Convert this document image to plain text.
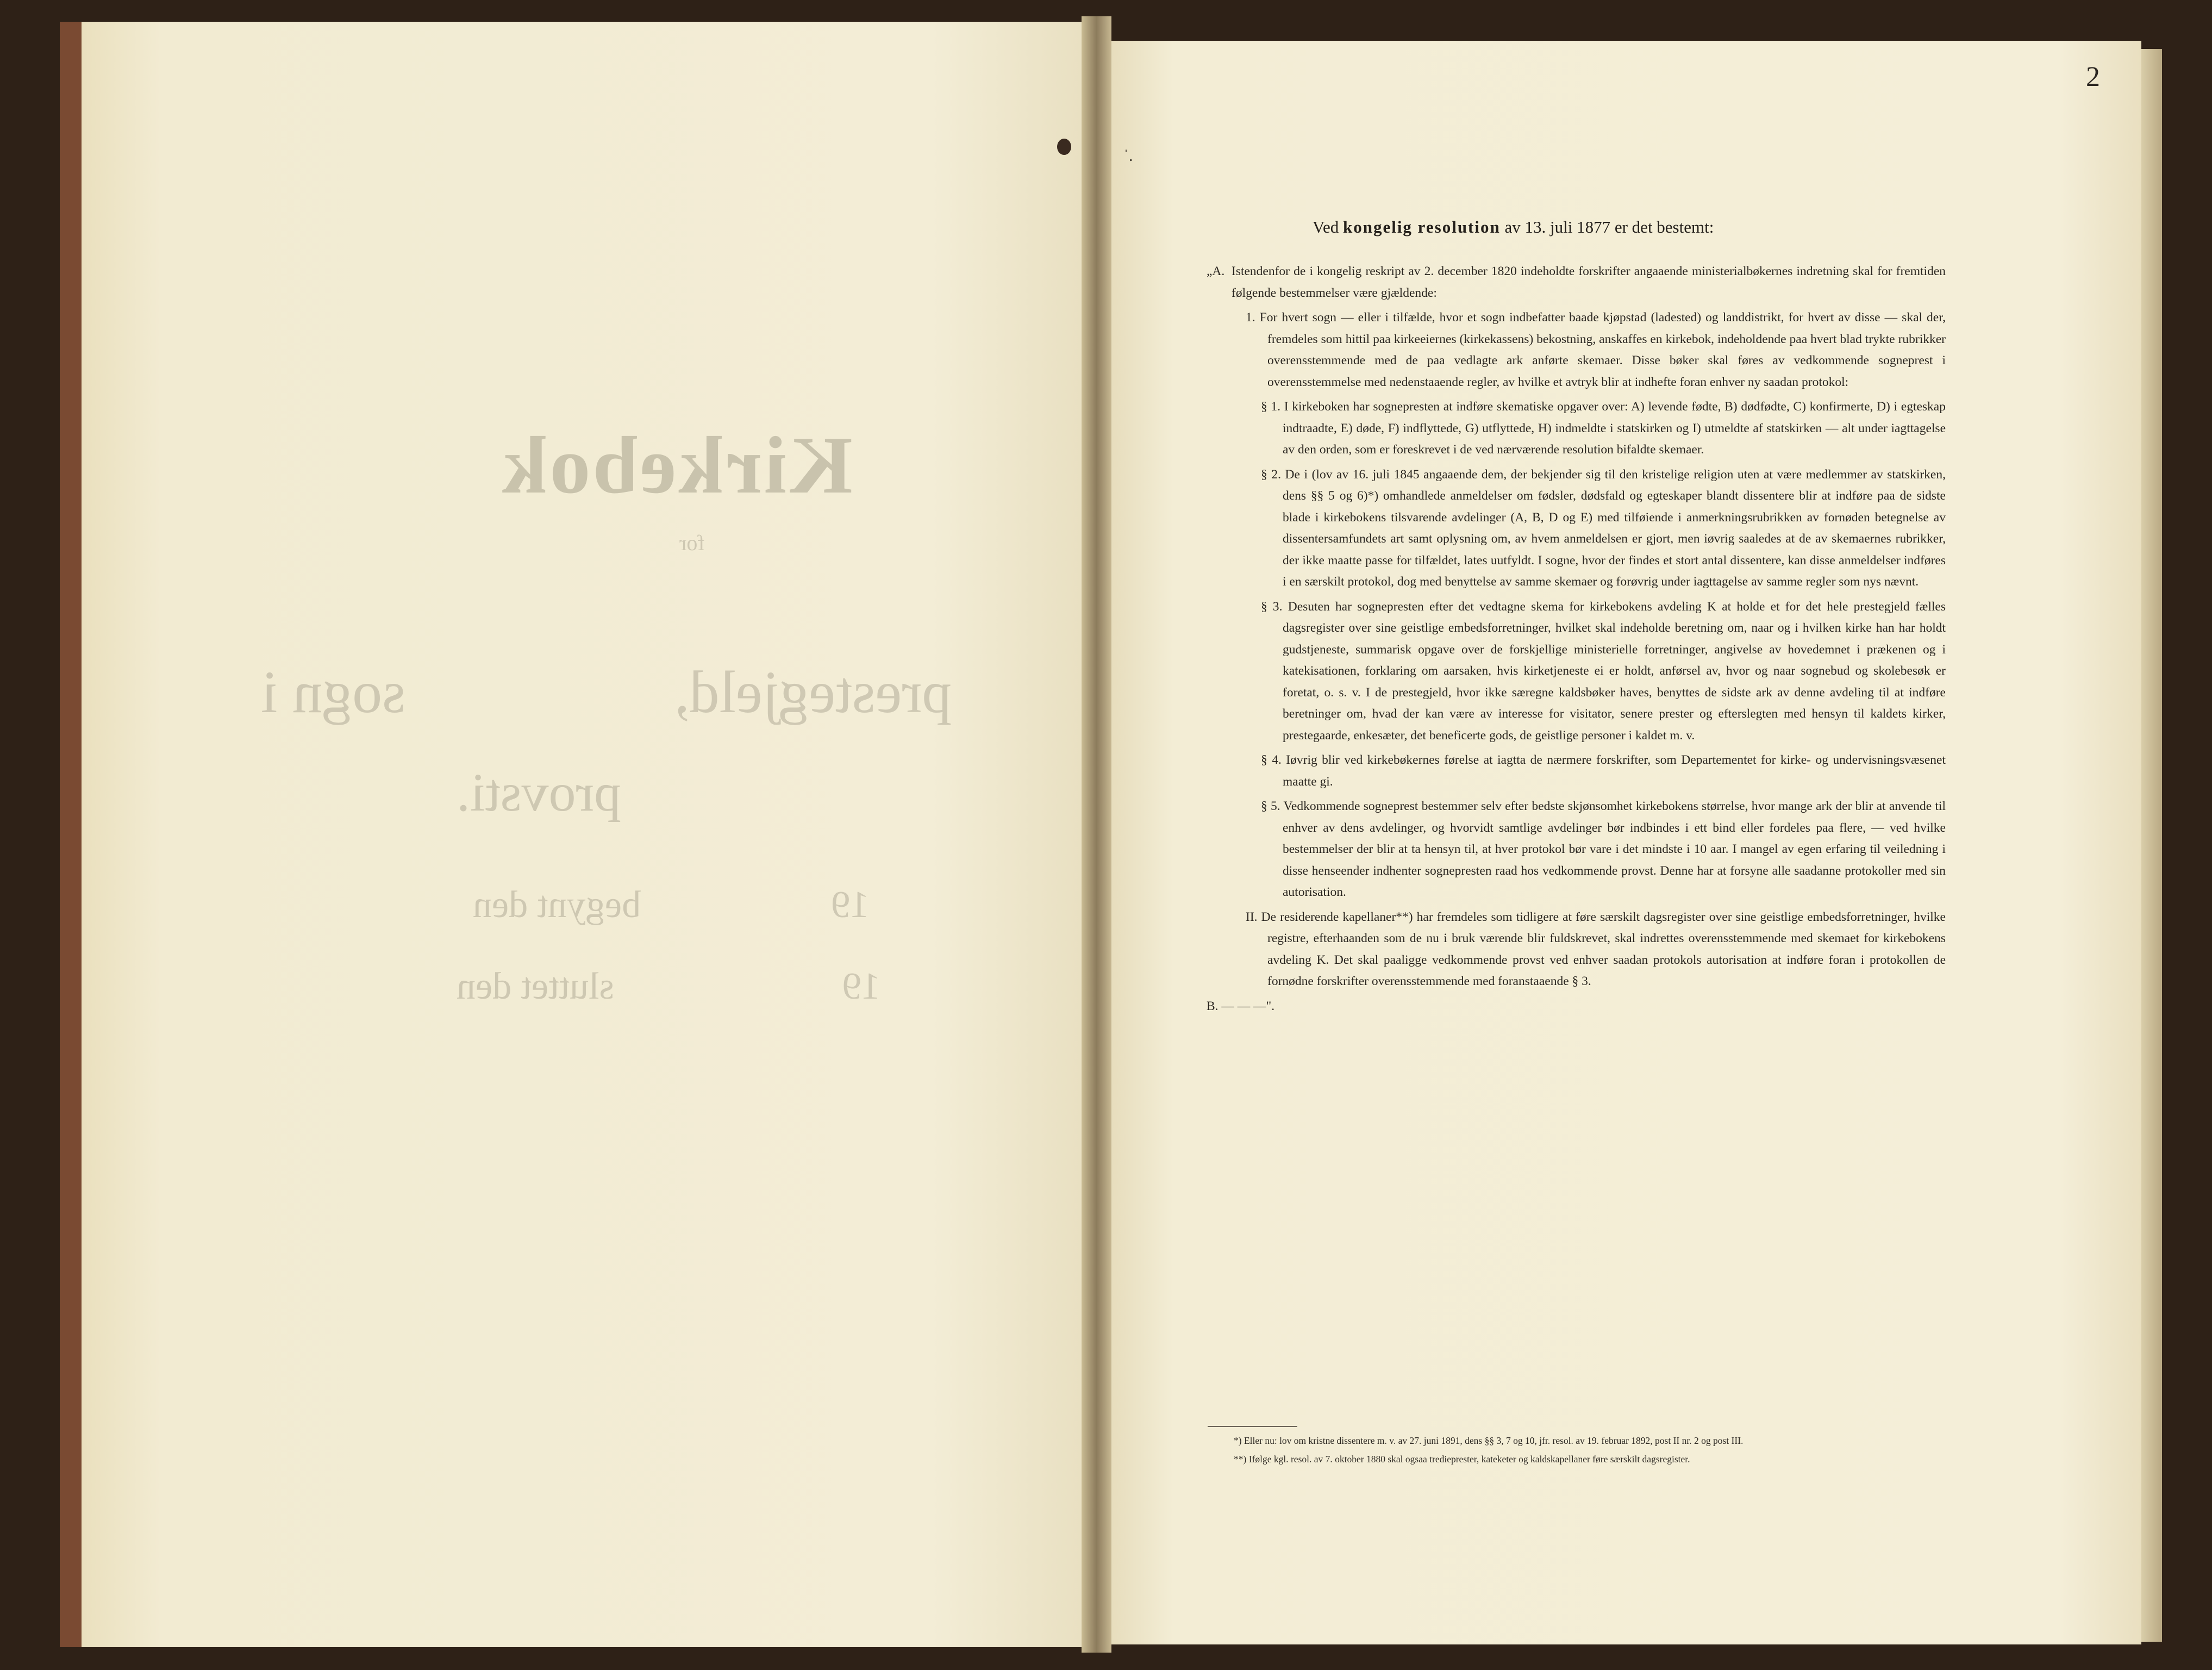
Kirkebok
for
prestegjeld,                  sogn i
provsti.
19                    begynt den
19                        sluttet den
ˈ.
2
Ved kongelig resolution av 13. juli 1877 er det bestemt:
„A. Istendenfor de i kongelig reskript av 2. december 1820 indeholdte forskrifter angaaende ministerialbøkernes indretning skal for fremtiden følgende bestemmelser være gjældende:

1. For hvert sogn — eller i tilfælde, hvor et sogn indbefatter baade kjøpstad (ladested) og landdistrikt, for hvert av disse — skal der, fremdeles som hittil paa kirkeeiernes (kirkekassens) bekostning, anskaffes en kirkebok, indeholdende paa hvert blad trykte rubrikker overensstemmende med de paa vedlagte ark anførte skemaer. Disse bøker skal føres av vedkommende sogneprest i overensstemmelse med nedenstaaende regler, av hvilke et avtryk blir at indhefte foran enhver ny saadan protokol:

§ 1. I kirkeboken har sognepresten at indføre skematiske opgaver over: A) levende fødte, B) dødfødte, C) konfirmerte, D) i egteskap indtraadte, E) døde, F) indflyttede, G) utflyttede, H) indmeldte i statskirken og I) utmeldte af statskirken — alt under iagttagelse av den orden, som er foreskrevet i de ved nærværende resolution bifaldte skemaer.

§ 2. De i (lov av 16. juli 1845 angaaende dem, der bekjender sig til den kristelige religion uten at være medlemmer av statskirken, dens §§ 5 og 6)*) omhandlede anmeldelser om fødsler, dødsfald og egteskaper blandt dissentere blir at indføre paa de sidste blade i kirkebokens tilsvarende avdelinger (A, B, D og E) med tilføiende i anmerkningsrubrikken av fornøden betegnelse av dissentersamfundets art samt oplysning om, av hvem anmeldelsen er gjort, men iøvrig saaledes at de av skemaernes rubrikker, der ikke maatte passe for tilfældet, lates uutfyldt. I sogne, hvor der findes et stort antal dissentere, kan disse anmeldelser indføres i en særskilt protokol, dog med benyttelse av samme skemaer og forøvrig under iagttagelse av samme regler som nys nævnt.

§ 3. Desuten har sognepresten efter det vedtagne skema for kirkebokens avdeling K at holde et for det hele prestegjeld fælles dagsregister over sine geistlige embedsforretninger, hvilket skal indeholde beretning om, naar og i hvilken kirke han har holdt gudstjeneste, summarisk opgave over de forskjellige ministerielle forretninger, angivelse av hovedemnet i prækenen og i katekisationen, forklaring om aarsaken, hvis kirketjeneste ei er holdt, anførsel av, hvor og naar sognebud og skolebesøk er foretat, o. s. v. I de prestegjeld, hvor ikke særegne kaldsbøker haves, benyttes de sidste ark av denne avdeling til at indføre beretninger om, hvad der kan være av interesse for visitator, senere prester og efterslegten med hensyn til kaldets kirker, prestegaarde, enkesæter, det beneficerte gods, de geistlige personer i kaldet m. v.

§ 4. Iøvrig blir ved kirkebøkernes førelse at iagtta de nærmere forskrifter, som Departementet for kirke- og undervisningsvæsenet maatte gi.

§ 5. Vedkommende sogneprest bestemmer selv efter bedste skjønsomhet kirkebokens størrelse, hvor mange ark der blir at anvende til enhver av dens avdelinger, og hvorvidt samtlige avdelinger bør indbindes i ett bind eller fordeles paa flere, — ved hvilke bestemmelser der blir at ta hensyn til, at hver protokol bør vare i det mindste i 10 aar. I mangel av egen erfaring til veiledning i disse henseender indhenter sognepresten raad hos vedkommende provst. Denne har at forsyne alle saadanne protokoller med sin autorisation.

II. De residerende kapellaner**) har fremdeles som tidligere at føre særskilt dagsregister over sine geistlige embedsforretninger, hvilke registre, efterhaanden som de nu i bruk værende blir fuldskrevet, skal indrettes overensstemmende med skemaet for kirkebokens avdeling K. Det skal paaligge vedkommende provst ved enhver saadan protokols autorisation at indføre foran i protokollen de fornødne forskrifter overensstemmende med foranstaaende § 3.

B. — — —".

*) Eller nu: lov om kristne dissentere m. v. av 27. juni 1891, dens §§ 3, 7 og 10, jfr. resol. av 19. februar 1892, post II nr. 2 og post III.

**) Ifølge kgl. resol. av 7. oktober 1880 skal ogsaa tredieprester, kateketer og kaldskapellaner føre særskilt dagsregister.
